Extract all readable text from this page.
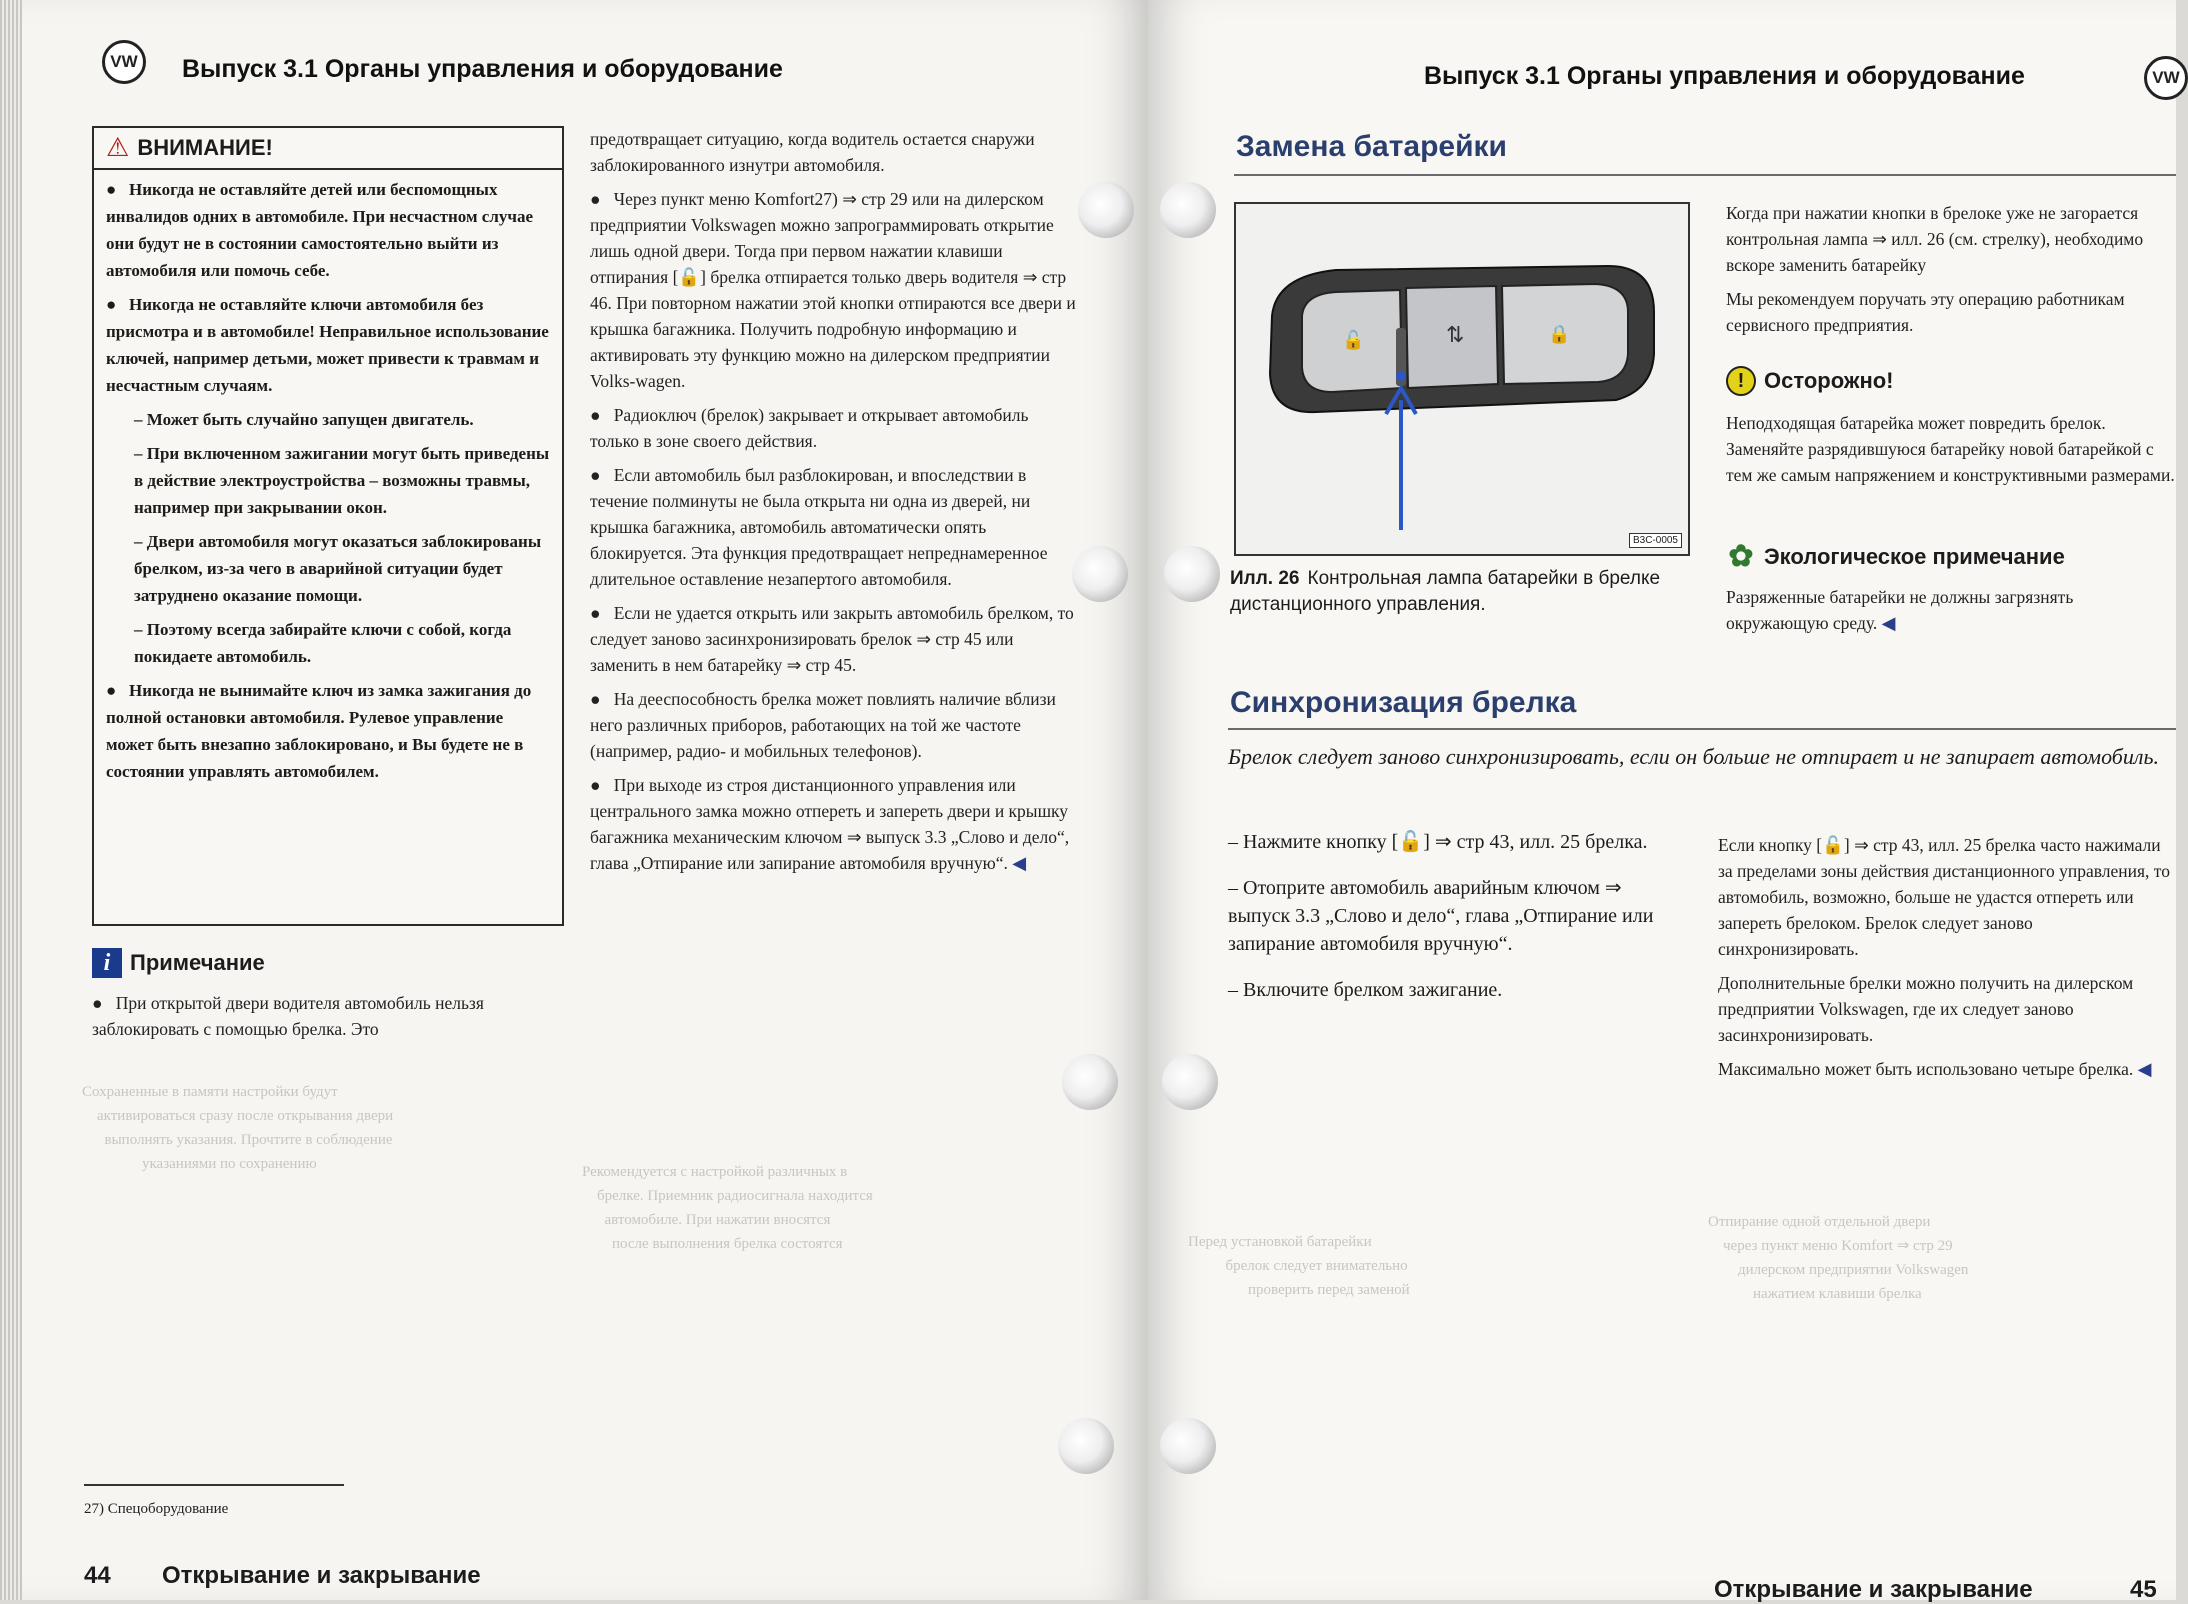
Сохраненные в памяти настройки будут
активироваться сразу после открывания двери
выполнять указания. Прочтите в соблюдение
указаниями по сохранению	Рекомендуется с настройкой различных в
брелке. Приемник радиосигнала находится
автомобиле. При нажатии вносятся
после выполнения брелка состоятся
VW Выпуск 3.1 Органы управления и оборудование
⚠ ВНИМАНИЕ!

●   Никогда не оставляйте детей или беспомощных инвалидов одних в автомобиле. При несчастном случае они будут не в состоянии самостоятельно выйти из автомобиля или помочь себе.

●   Никогда не оставляйте ключи автомобиля без присмотра и в автомобиле! Неправильное использование ключей, например детьми, может привести к травмам и несчастным случаям.

– Может быть случайно запущен двигатель.

– При включенном зажигании могут быть приведены в действие электроустройства – возможны травмы, например при закрывании окон.

– Двери автомобиля могут оказаться заблокированы брелком, из-за чего в аварийной ситуации будет затруднено оказание помощи.

– Поэтому всегда забирайте ключи с собой, когда покидаете автомобиль.

●   Никогда не вынимайте ключ из замка зажигания до полной остановки автомобиля. Рулевое управление может быть внезапно заблокировано, и Вы будете не в состоянии управлять автомобилем.

i Примечание

●   При открытой двери водителя автомобиль нельзя заблокировать с помощью брелка. Это

предотвращает ситуацию, когда водитель остается снаружи заблокированного изнутри автомобиля.

●   Через пункт меню Komfort27) ⇒ стр 29 или на дилерском предприятии Volkswagen можно запрограммировать открытие лишь одной двери. Тогда при первом нажатии клавиши отпирания [🔓] брелка отпирается только дверь водителя ⇒ стр 46. При повторном нажатии этой кнопки отпираются все двери и крышка багажника. Получить подробную информацию и активировать эту функцию можно на дилерском предприятии Volks-wagen.

●   Радиоключ (брелок) закрывает и открывает автомобиль только в зоне своего действия.

●   Если автомобиль был разблокирован, и впоследствии в течение полминуты не была открыта ни одна из дверей, ни крышка багажника, автомобиль автоматически опять блокируется. Эта функция предотвращает непреднамеренное длительное оставление незапертого автомобиля.

●   Если не удается открыть или закрыть автомобиль брелком, то следует заново засинхронизировать брелок ⇒ стр 45 или заменить в нем батарейку ⇒ стр 45.

●   На дееспособность брелка может повлиять наличие вблизи него различных приборов, работающих на той же частоте (например, радио- и мобильных телефонов).

●   При выходе из строя дистанционного управления или центрального замка можно отпереть и запереть двери и крышку багажника механическим ключом ⇒ выпуск 3.3 „Слово и дело“, глава „Отпирание или запирание автомобиля вручную“. ◀

27) Спецоборудование
44 Открывание и закрывание
Перед установкой батарейки
брелок следует внимательно
проверить перед заменой
Отпирание одной отдельной двери
через пункт меню Komfort ⇒ стр 29
дилерском предприятии Volkswagen
нажатием клавиши брелка
Выпуск 3.1 Органы управления и оборудование	VW
Замена батарейки
🔓	⇅	🔒
B3C-0005
Илл. 26 Контрольная лампа батарейки в брелке дистанционного управления.

Когда при нажатии кнопки в брелоке уже не загорается контрольная лампа ⇒ илл. 26 (см. стрелку), необходимо вскоре заменить батарейку

Мы рекомендуем поручать эту операцию работникам сервисного предприятия.

! Осторожно!
Неподходящая батарейка может повредить брелок. Заменяйте разрядившуюся батарейку новой батарейкой с тем же самым напряжением и конструктивными размерами.
✿ Экологическое примечание
Разряженные батарейки не должны загрязнять окружающую среду. ◀
Синхронизация брелка
Брелок следует заново синхронизировать, если он больше не отпирает и не запирает автомобиль.

– Нажмите кнопку [🔓] ⇒ стр 43, илл. 25 брелка.

– Отоприте автомобиль аварийным ключом ⇒ выпуск 3.3 „Слово и дело“, глава „Отпирание или запирание автомобиля вручную“.

– Включите брелком зажигание.

Если кнопку [🔓] ⇒ стр 43, илл. 25 брелка часто нажимали за пределами зоны действия дистанционного управления, то автомобиль, возможно, больше не удастся отпереть или запереть брелоком. Брелок следует заново синхронизировать.

Дополнительные брелки можно получить на дилерском предприятии Volkswagen, где их следует заново засинхронизировать.

Максимально может быть использовано четыре брелка. ◀

Открывание и закрывание	45
